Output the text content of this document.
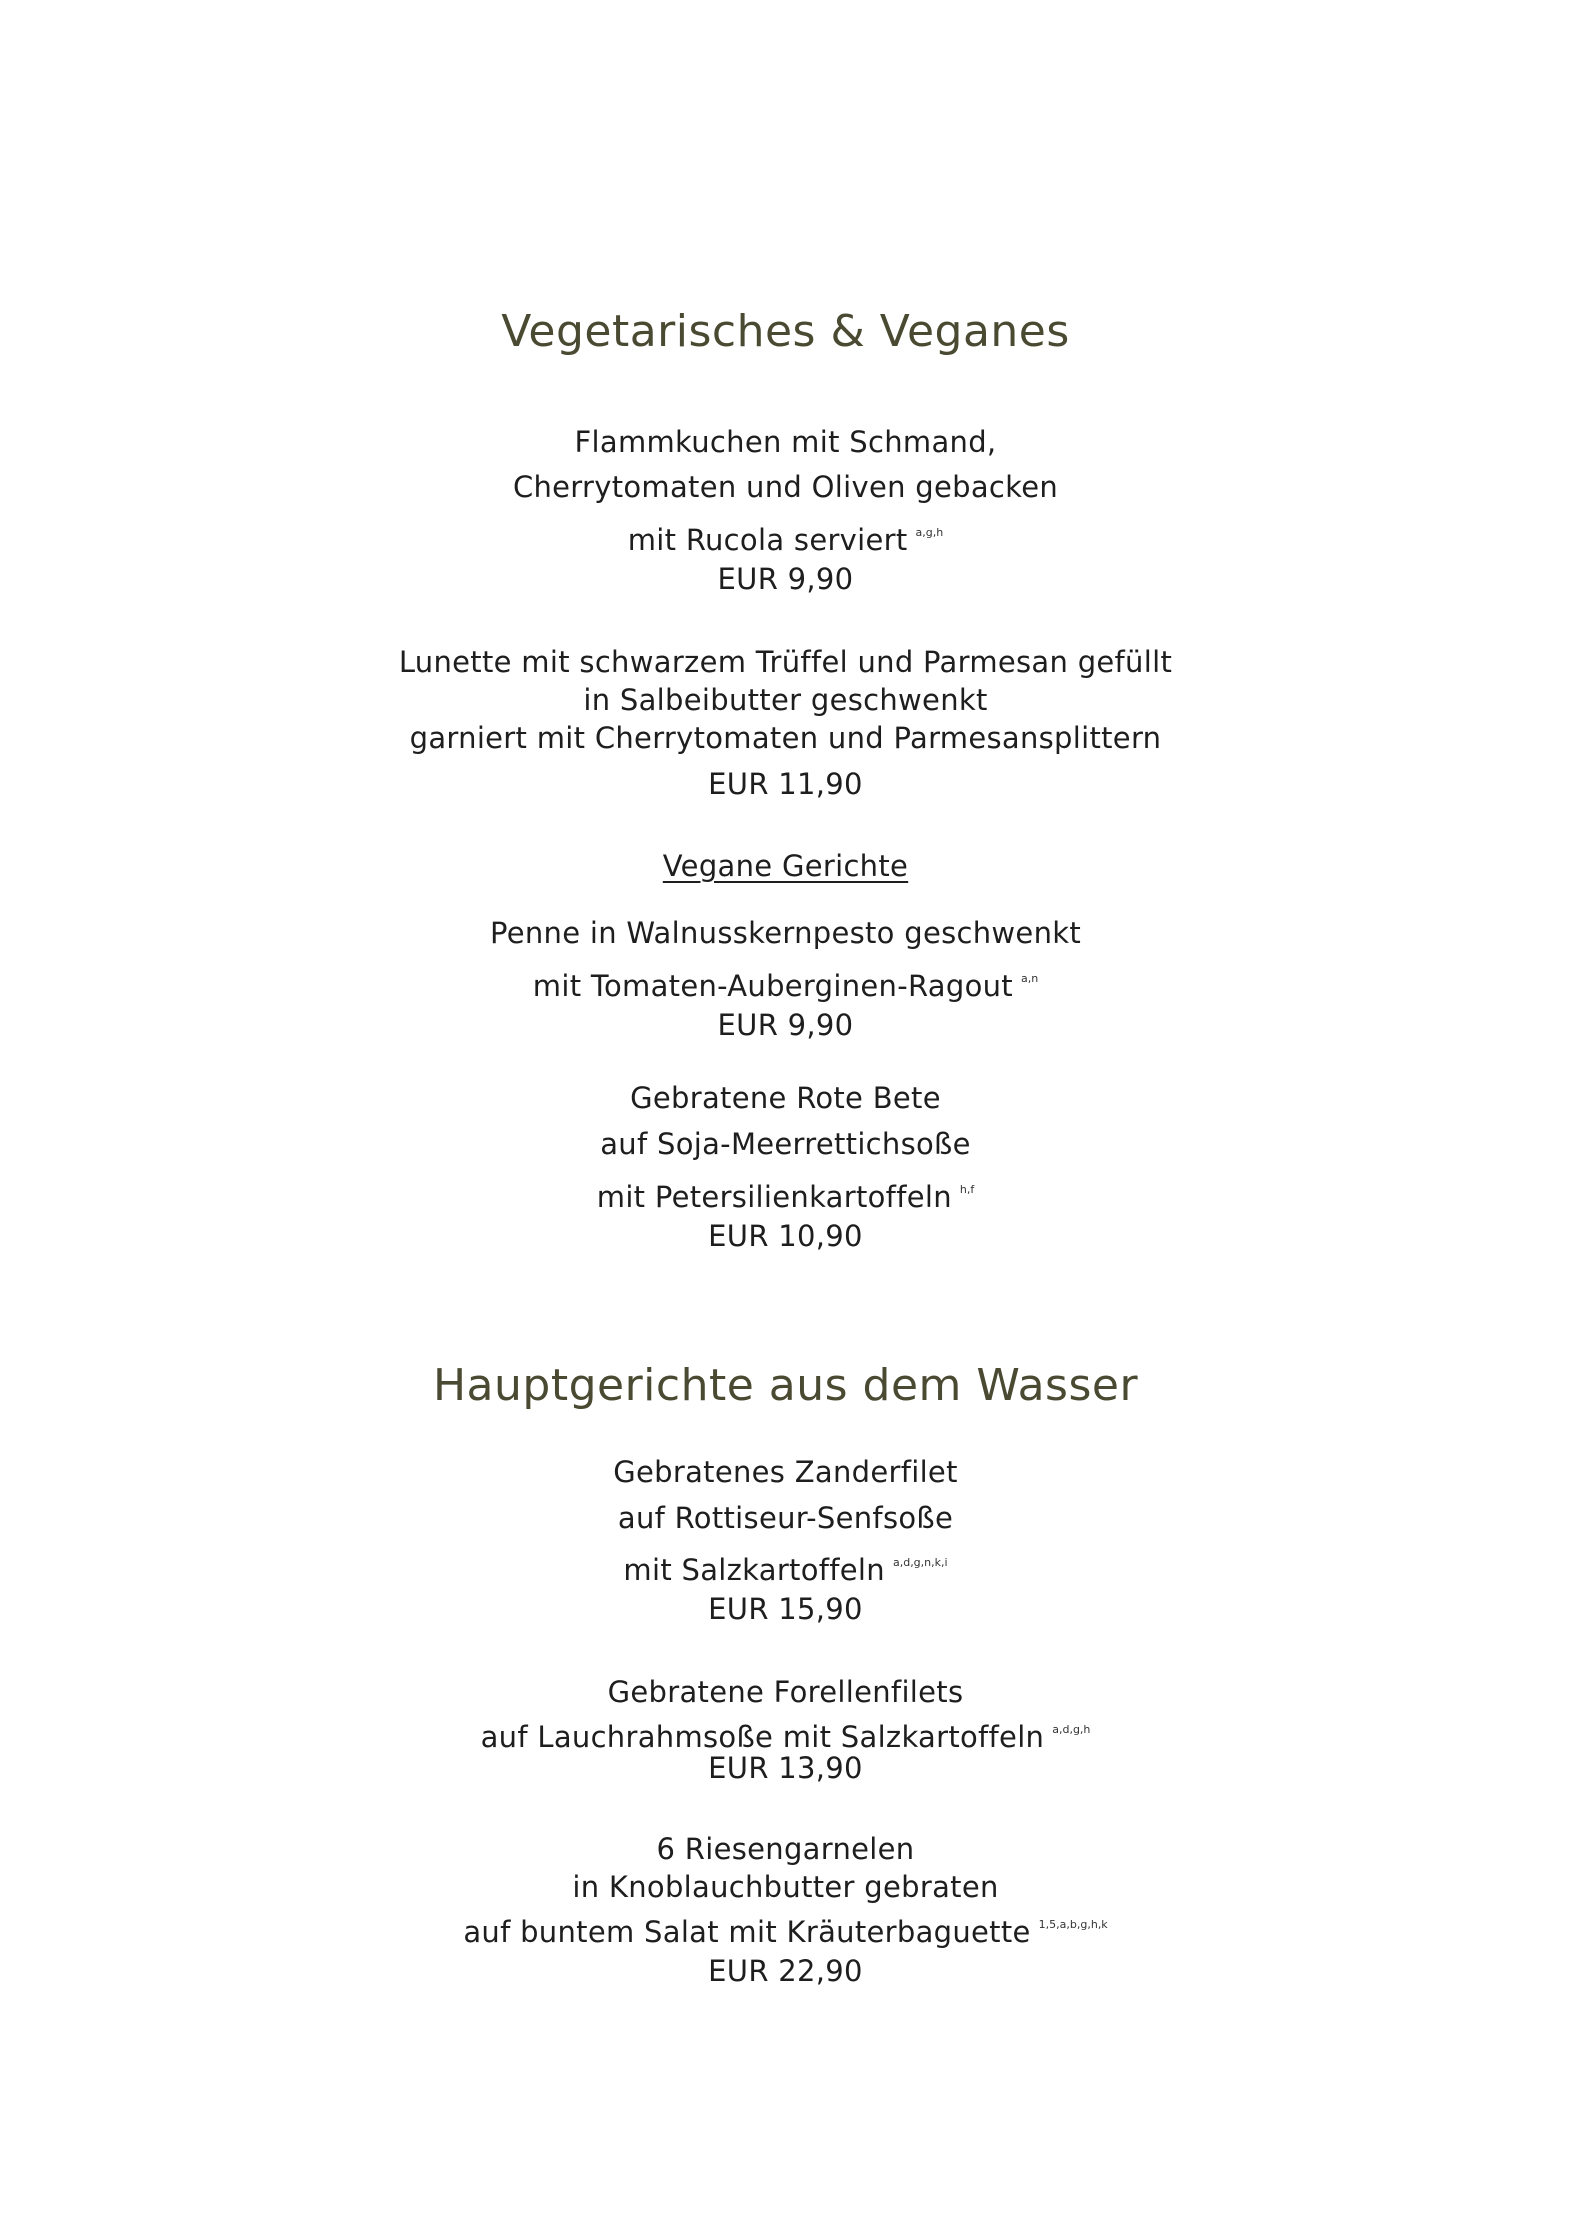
Vegetarisches & Veganes
Flammkuchen mit Schmand,
Cherrytomaten und Oliven gebacken
mit Rucola serviert $^{a,g,h}$
EUR 9,90
Lunette mit schwarzem Trüffel und Parmesan gefüllt
in Salbeibutter geschwenkt
garniert mit Cherrytomaten und Parmesansplittern
EUR 11,90
Vegane Gerichte
Penne in Walnusskernpesto geschwenkt
mit Tomaten-Auberginen-Ragout $^{a,n}$
EUR 9,90
Gebratene Rote Bete
auf Soja-Meerrettichsoße
mit Petersilienkartoffeln $^{h,f}$
EUR 10,90
Hauptgerichte aus dem Wasser
Gebratenes Zanderfilet
auf Rottiseur-Senfsoße
mit Salzkartoffeln $^{a,d,g,n,k,i}$
EUR 15,90
Gebratene Forellenfilets
auf Lauchrahmsoße mit Salzkartoffeln $^{a,d,g,h}$
EUR 13,90
6 Riesengarnelen
in Knoblauchbutter gebraten
auf buntem Salat mit Kräuterbaguette $^{1,5,a,b,g,h,k}$
EUR 22,90
